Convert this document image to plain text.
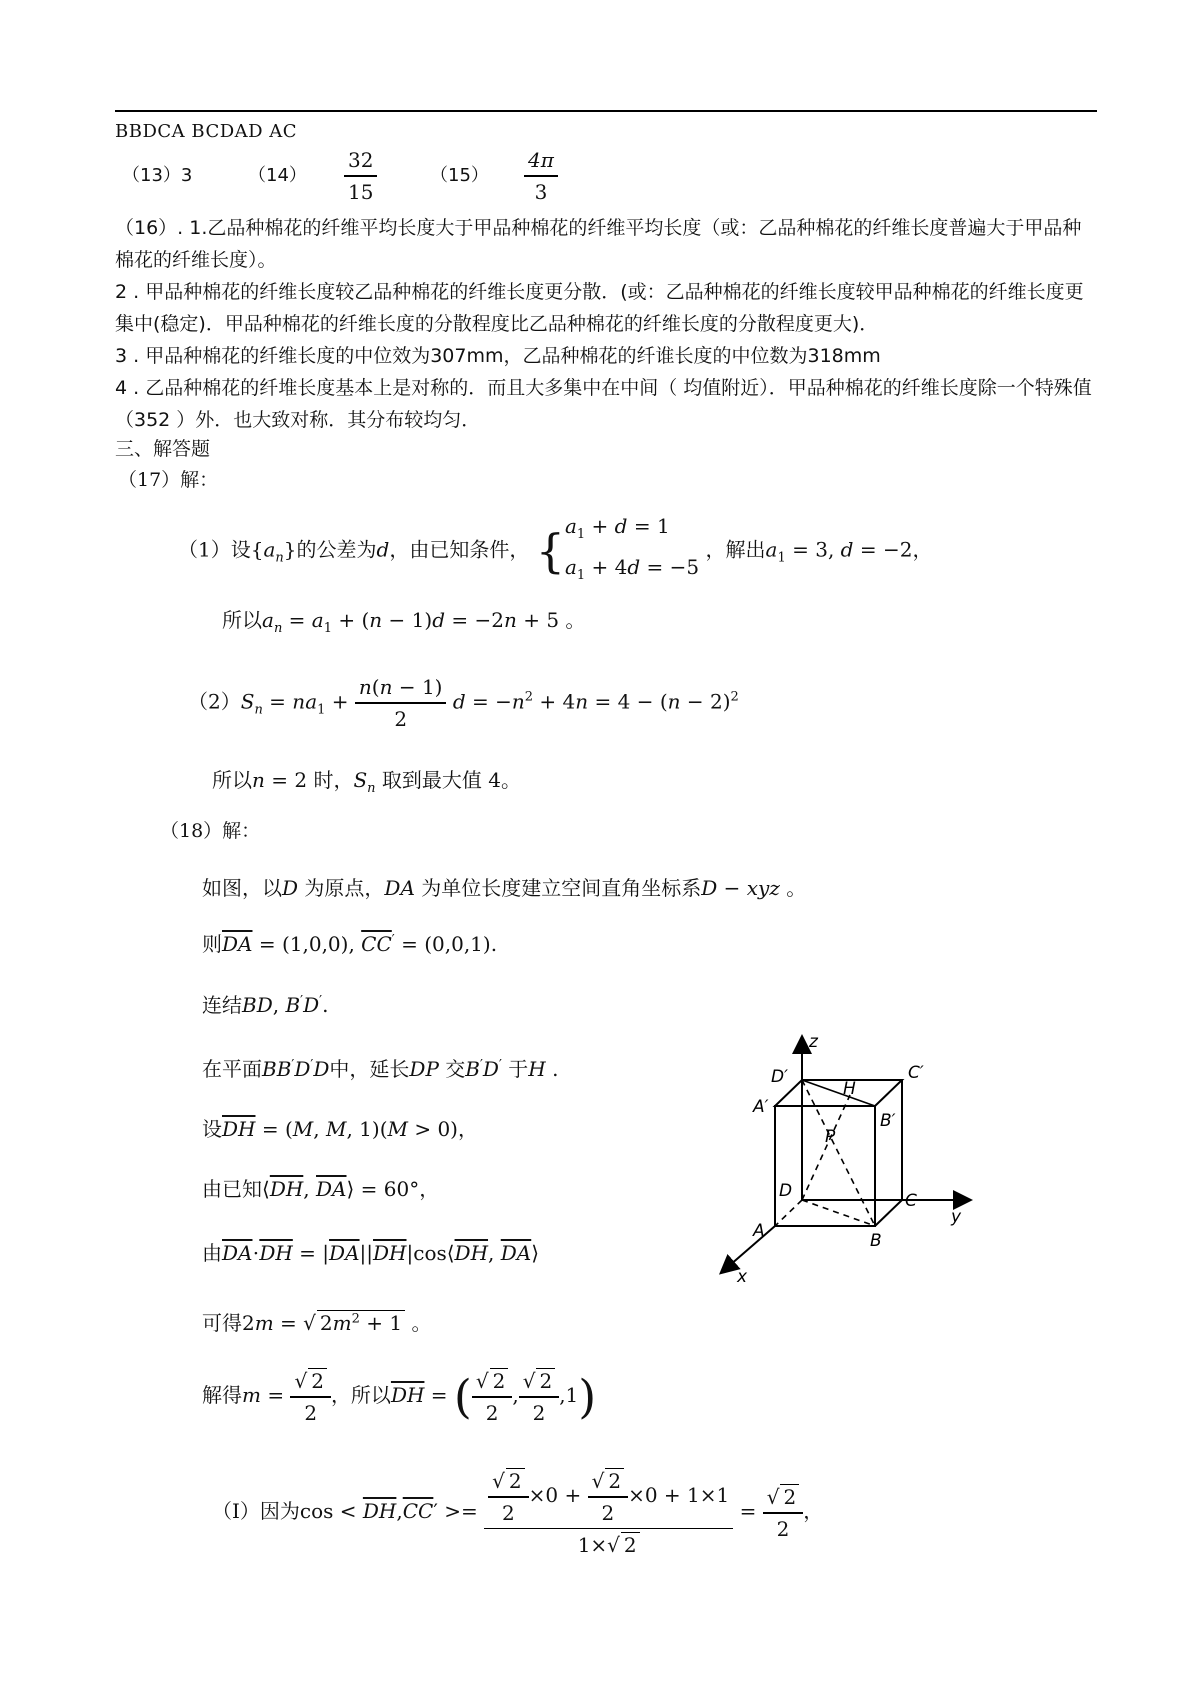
BBDCA BCDAD AC
（13）3	（14）
32
15
（15）
4π
3
（16）. 1.乙品种棉花的纤维平均长度大于甲品种棉花的纤维平均长度（或：乙品种棉花的纤维长度普遍大于甲品种棉花的纤维长度）。
2 . 甲品种棉花的纤维长度较乙品种棉花的纤维长度更分散．(或：乙品种棉花的纤维长度较甲品种棉花的纤维长度更集中(稳定)．甲品种棉花的纤维长度的分散程度比乙品种棉花的纤维长度的分散程度更大)．
3 . 甲品种棉花的纤维长度的中位效为307mm，乙品种棉花的纤谁长度的中位数为318mm
4 . 乙品种棉花的纤堆长度基本上是对称的．而且大多集中在中间（ 均值附近）．甲品种棉花的纤维长度除一个特殊值（352 ）外．也大致对称．其分布较均匀．
三、解答题
（17）解：
（1）设$\{a_n\}$的公差为d，由已知条件， {$a_1 + d = 1$
$a_1 + 4d = -5$ ，解出$a_1 = 3$, d = −2，
所以$a_n = a_1 + (n - 1)d = -2n + 5$ 。
$(2)S_n = na_1 + \frac{n(n - 1)}{2}$ $d = -n^2 + 4n = 4 - (n - 2)^2$
所以n = 2 时，$S_n$ 取到最大值 4。
（18）解：
如图，以D 为原点，DA 为单位长度建立空间直角坐标系D − xyz 。
则$\overline{DA} = (1,0,0)$, $\overline{CC}' = (0,0,1)$.
连结BD, B′D′.
在平面BB′D′D中，延长DP 交B′D′ 于H .
设$\overline{DH} = (M$, M, 1)(M > 0)，
由已知$⟨\overline{DH}$, $\overline{DA}⟩ = 60^\circ$，
由$\overline{DA}\cdot\overline{DH}$ = $|\overline{DA}||\overline{DH}|\cos⟨\overline{DH}$, $\overline{DA}⟩$
可得2m = √ $2m^2 + 1$ 。
解得$m = \frac{√ 2}{2}$ ，所以$\overline{DH}$ = ( $\frac{√ 2}{2}$ , $\frac{√ 2}{2} ,1$)
（Ⅰ）因为$\cos < \overline{DH},\overline{CC}' >= \frac{\frac{√ 2}{2} \times 0 + \frac{√ 2}{2} \times 0 + 1\times 1}{1\times√ 2} = \frac{√ 2}{2}$ ，
z
y
x
D′
H
C′
A′
B′
P
D	C
A	B
